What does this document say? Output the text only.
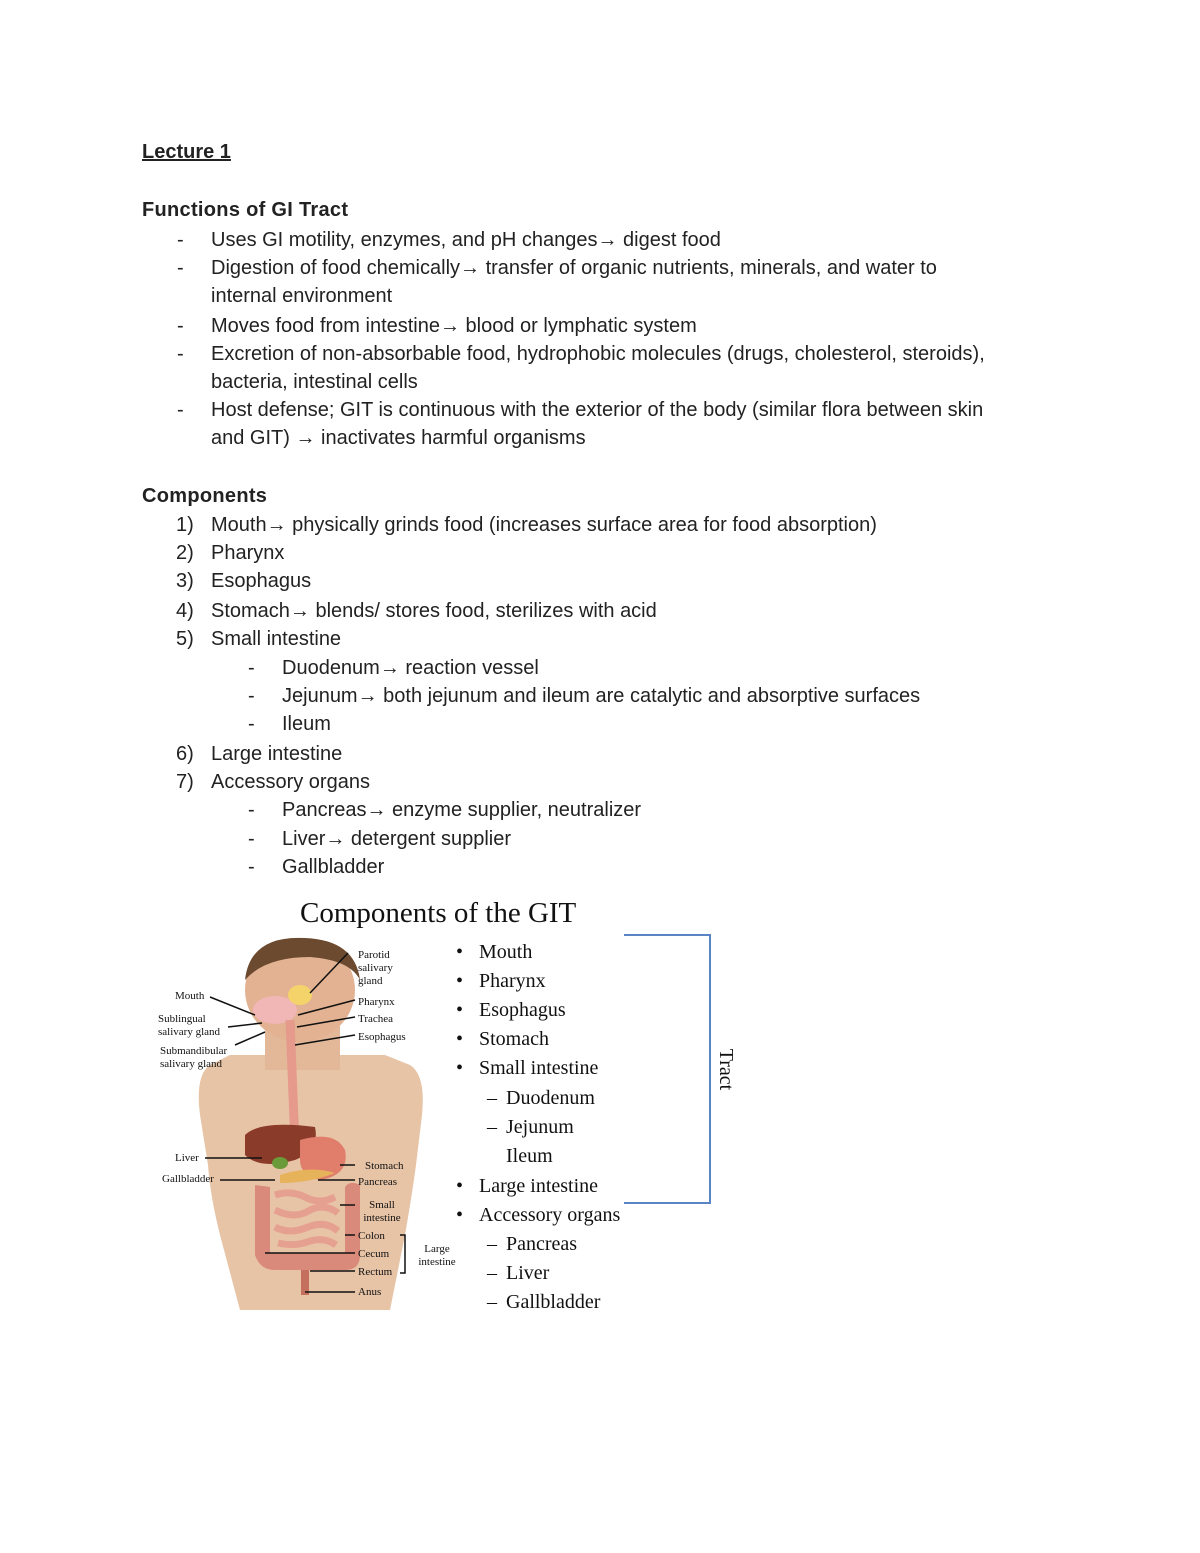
Lecture 1
Functions of GI Tract
- Uses GI motility, enzymes, and pH changes→ digest food
- Digestion of food chemically→ transfer of organic nutrients, minerals, and water to
internal environment
- Moves food from intestine→ blood or lymphatic system
- Excretion of non-absorbable food, hydrophobic molecules (drugs, cholesterol, steroids),
bacteria, intestinal cells
- Host defense; GIT is continuous with the exterior of the body (similar flora between skin
and GIT) → inactivates harmful organisms
Components
1) Mouth→ physically grinds food (increases surface area for food absorption)
2) Pharynx
3) Esophagus
4) Stomach→ blends/ stores food, sterilizes with acid
5) Small intestine
- Duodenum→ reaction vessel
- Jejunum→ both jejunum and ileum are catalytic and absorptive surfaces
- Ileum
6) Large intestine
7) Accessory organs
- Pancreas→ enzyme supplier, neutralizer
- Liver→ detergent supplier
- Gallbladder
Components of the GIT
Parotid salivary gland
Pharynx
Trachea
Esophagus
Mouth
Sublingual salivary gland
Submandibular salivary gland
Liver
Gallbladder
Stomach
Pancreas
Small intestine
Colon
Cecum
Rectum
Anus
Large intestine
• Mouth
• Pharynx
• Esophagus
• Stomach
• Small intestine
– Duodenum
– Jejunum
Ileum
• Large intestine
• Accessory organs
– Pancreas
– Liver
– Gallbladder
Tract
